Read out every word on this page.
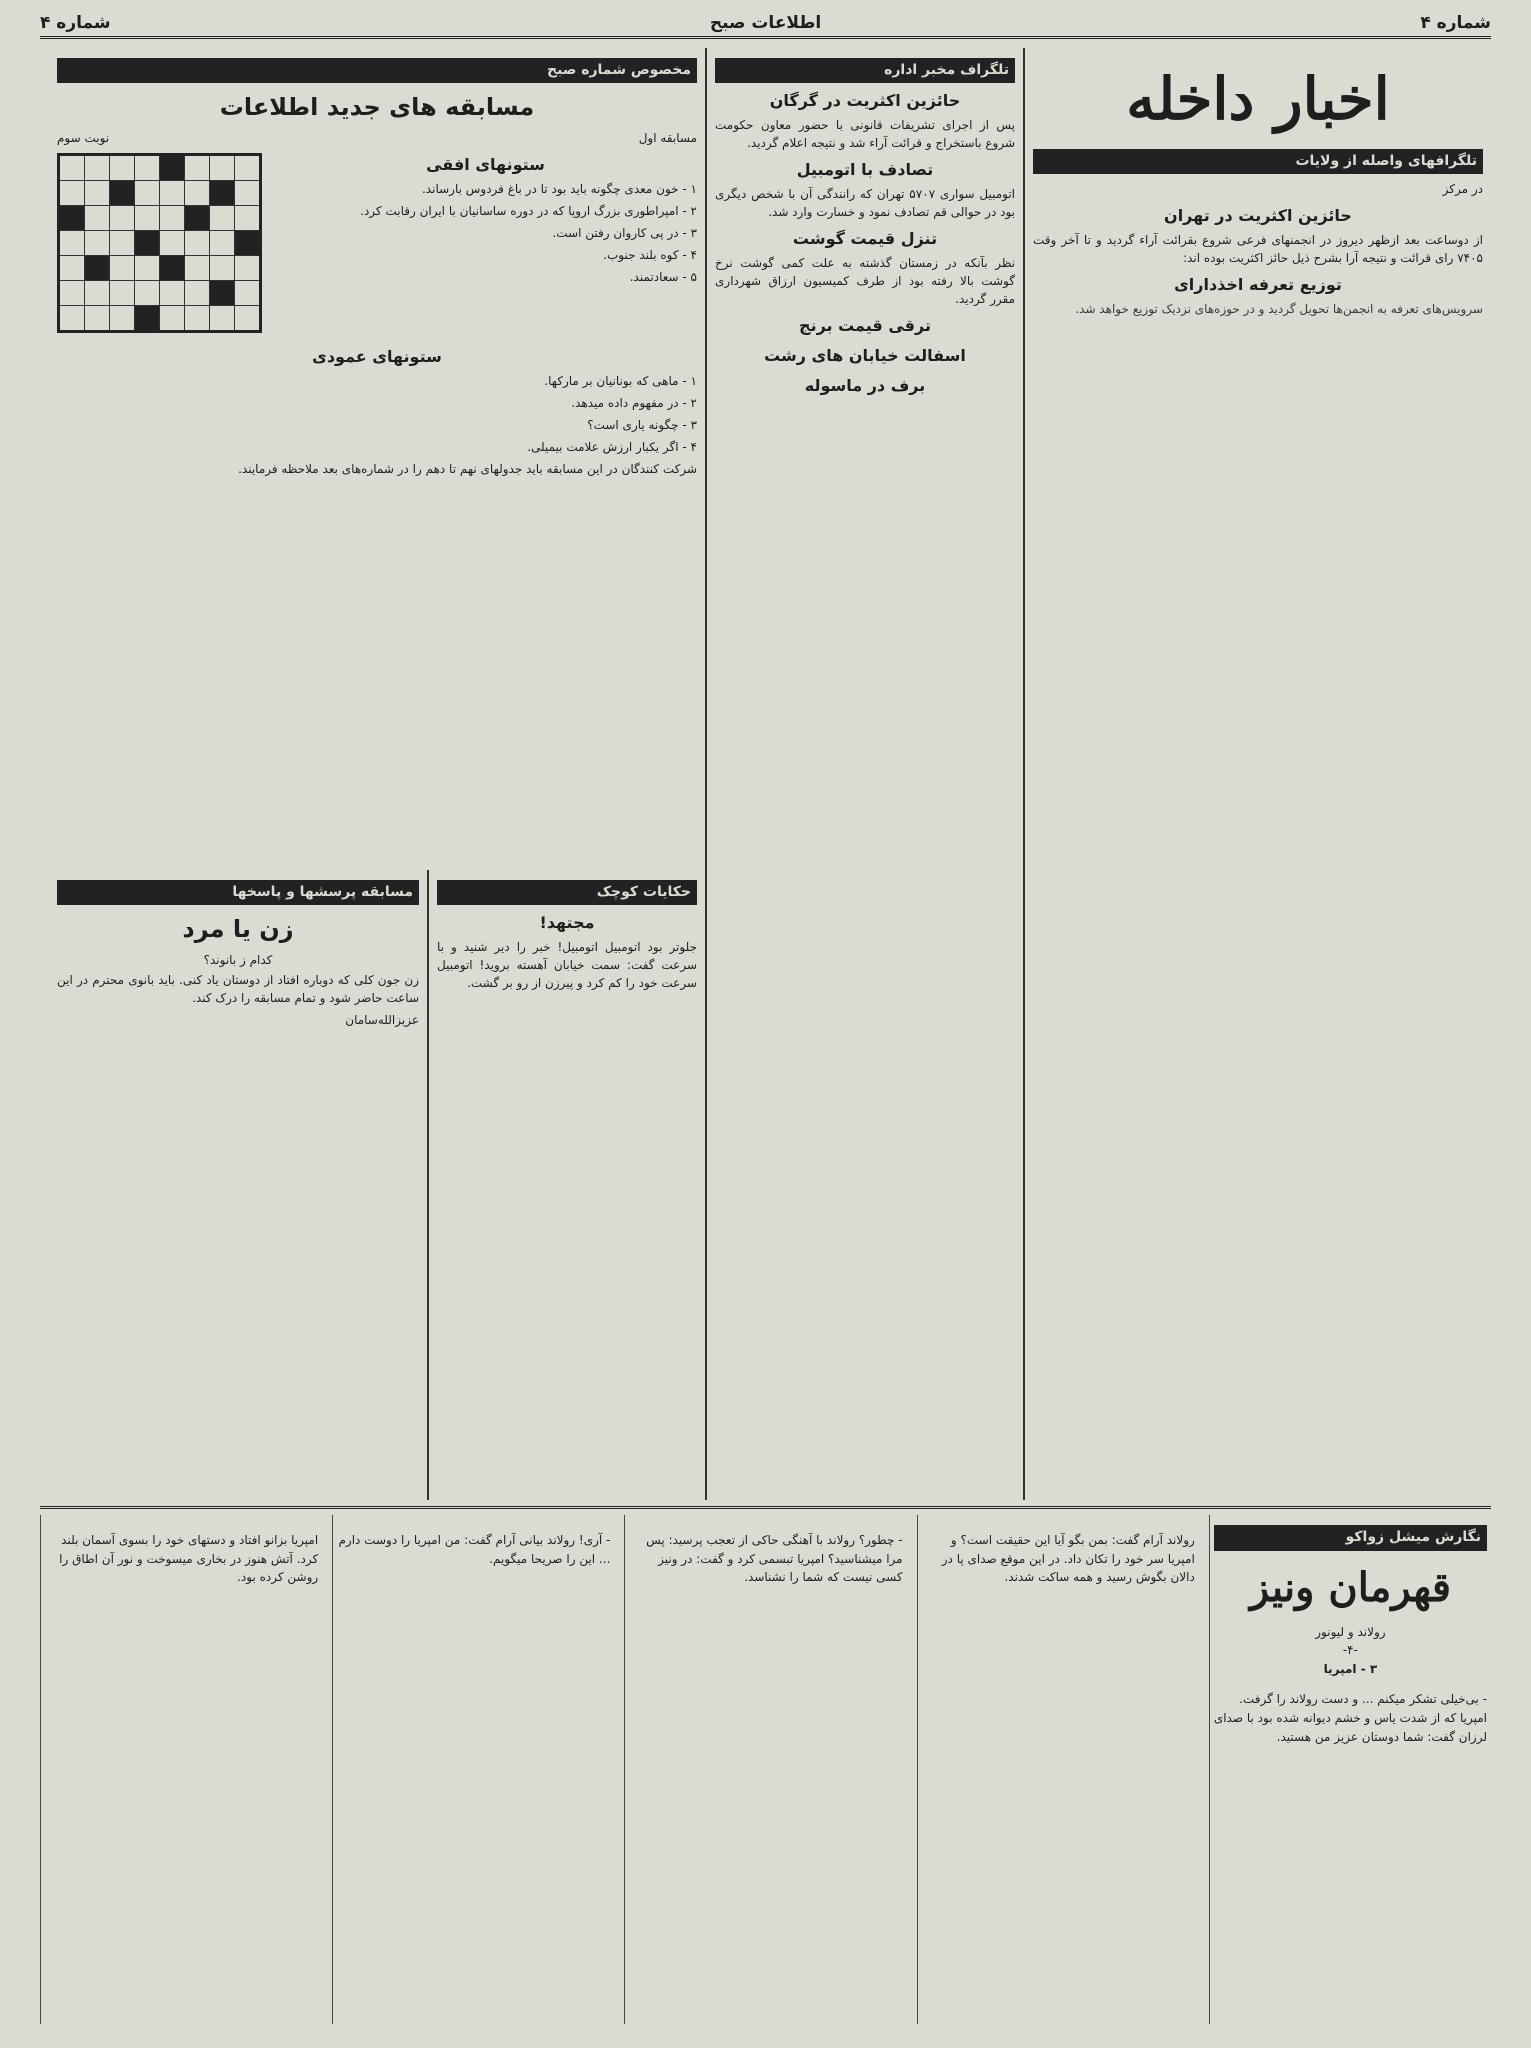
شماره ۴
اطلاعات صبح
شماره ۴
اخبار داخله
تلگرافهای واصله از ولایات
در مرکز
حائزین اکثریت در تهران

از دوساعت بعد ازظهر دیروز در انجمنهای فرعی شروع بقرائت آراء گردید و تا آخر وقت ۷۴۰۵ رای قرائت و نتیجه آرا بشرح ذیل حائز اکثریت بوده اند:

توزیع تعرفه اخذدارای

سرویس‌های تعرفه به انجمن‌ها تحویل گردید و در حوزه‌های نزدیک توزیع خواهد شد.

تلگراف مخبر اداره
حائزین اکثریت در گرگان

پس از اجرای تشریفات قانونی با حضور معاون حکومت شروع باستخراج و قرائت آراء شد و نتیجه اعلام گردید.

تصادف با اتومبیل

اتومبیل سواری ۵۷۰۷ تهران که رانندگی آن با شخص دیگری بود در حوالی قم تصادف نمود و خسارت وارد شد.

تنزل قیمت گوشت

نظر بآنکه در زمستان گذشته به علت کمی گوشت نرخ گوشت بالا رفته بود از طرف کمیسیون ارزاق شهرداری مقرر گردید.

ترقی قیمت برنج
اسفالت خیابان های رشت
برف در ماسوله
مخصوص شماره صبح
مسابقه های جدید اطلاعات
مسابقه اول
نوبت سوم
ستونهای افقی

۱ - خون معدی چگونه باید بود تا در باغ فردوس بارساند.

۲ - امپراطوری بزرگ اروپا که در دوره ساسانیان با ایران رقابت کرد.

۳ - در پی کاروان رفتن است.

۴ - کوه بلند جنوب.

۵ - سعادتمند.

ستونهای عمودی

۱ - ماهی که بونانیان بر مارکها.

۲ - در مفهوم داده میدهد.

۳ - چگونه یاری است؟

۴ - اگر یکبار ارزش علامت بیمیلی.

شرکت کنندگان در این مسابقه باید جدولهای نهم تا دهم را در شماره‌های بعد ملاحظه فرمایند.

حکایات کوچک
مجتهد!

جلوتر بود اتومبیل اتومبیل! خبر را دیر شنید و با سرعت گفت: سمت خیابان آهسته بروید! اتومبیل سرعت خود را کم کرد و پیرزن از رو بر گشت.

مسابقه پرسشها و پاسخها
زن یا مرد
کدام ز بانوند؟

زن جون کلی که دوباره افتاد از دوستان یاد کنی. باید بانوی محترم در این ساعت حاضر شود و تمام مسابقه را درک کند.

عزیزالله‌سامان
نگارش میشل زواکو
قهرمان ونیز
رولاند و لیونور
-۴-
۳ - امپریا

- بی‌خیلی تشکر میکنم ... و دست رولاند را گرفت. امپریا که از شدت یاس و خشم دیوانه شده بود با صدای لرزان گفت: شما دوستان عزیز من هستید.

رولاند آرام گفت: بمن بگو آیا این حقیقت است؟ و امپریا سر خود را تکان داد. در این موقع صدای پا در دالان بگوش رسید و همه ساکت شدند.

- چطور؟ رولاند با آهنگی حاکی از تعجب پرسید: پس مرا میشناسید؟ امپریا تبسمی کرد و گفت: در ونیز کسی نیست که شما را نشناسد.

- آری! رولاند بیانی آرام گفت: من امپریا را دوست دارم ... این را صریحا میگویم.

امپریا بزانو افتاد و دستهای خود را بسوی آسمان بلند کرد. آتش هنوز در بخاری میسوخت و نور آن اطاق را روشن کرده بود.
